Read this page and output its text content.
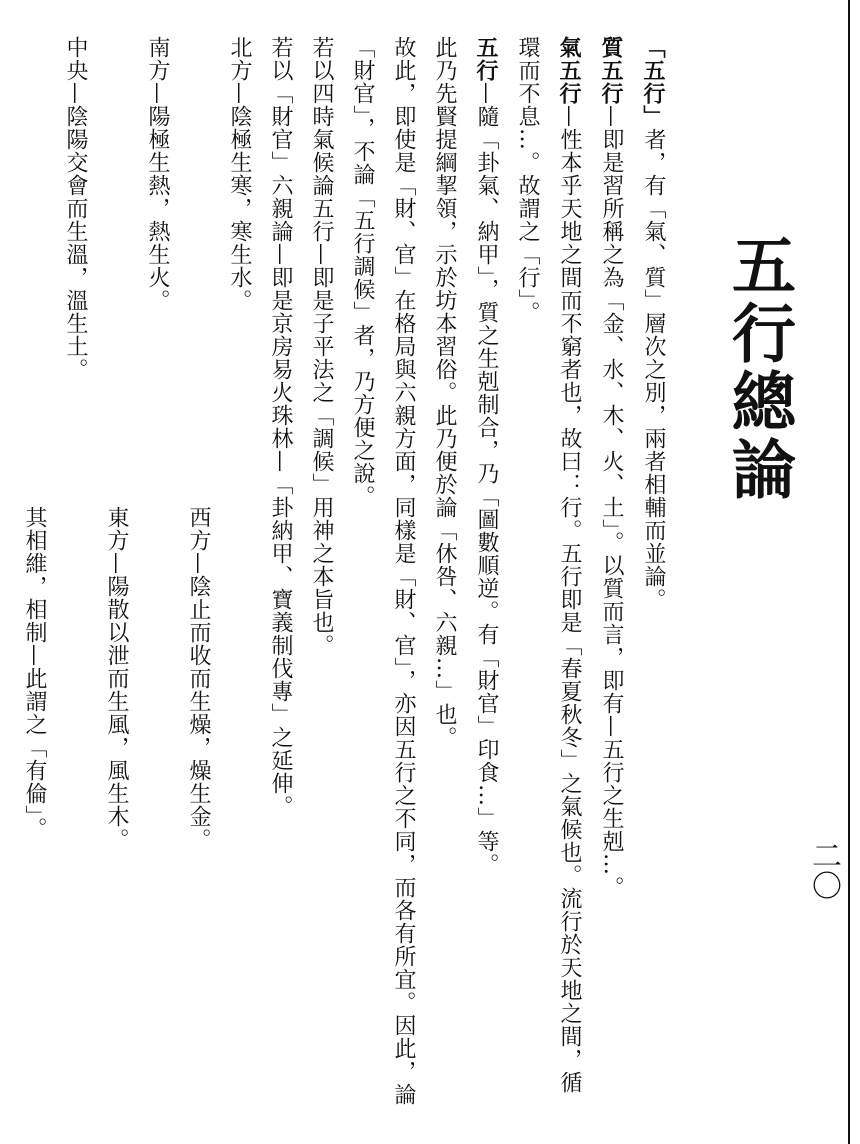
五行總論
二〇

「五行」者，有「氣、質」層次之別，兩者相輔而並論。

質五行—即是習所稱之為「金、水、木、火、土」。以質而言，即有—五行之生剋…。

氣五行—性本乎天地之間而不窮者也，故曰：行。五行即是「春夏秋冬」之氣候也。流行於天地之間，循環而不息…。故謂之「行」。

五行—隨「卦氣、納甲」，質之生剋制合，乃「圖數順逆。有「財官」印食…」等。

此乃先賢提綱挈領，示於坊本習俗。此乃便於論「休咎、六親…」也。

故此，即使是「財、官」在格局與六親方面，同樣是「財、官」，亦因五行之不同，而各有所宜。因此，論「財官」，不論「五行調候」者，乃方便之說。

若以四時氣候論五行—即是子平法之「調候」用神之本旨也。

若以「財官」六親論—即是京房易火珠林—「卦納甲、寶義制伐專」之延伸。

北方—陰極生寒，寒生水。

西方—陰止而收而生燥，燥生金。

南方—陽極生熱，熱生火。

東方—陽散以泄而生風，風生木。

中央—陰陽交會而生溫，溫生土。

其相維，相制—此謂之「有倫」。
